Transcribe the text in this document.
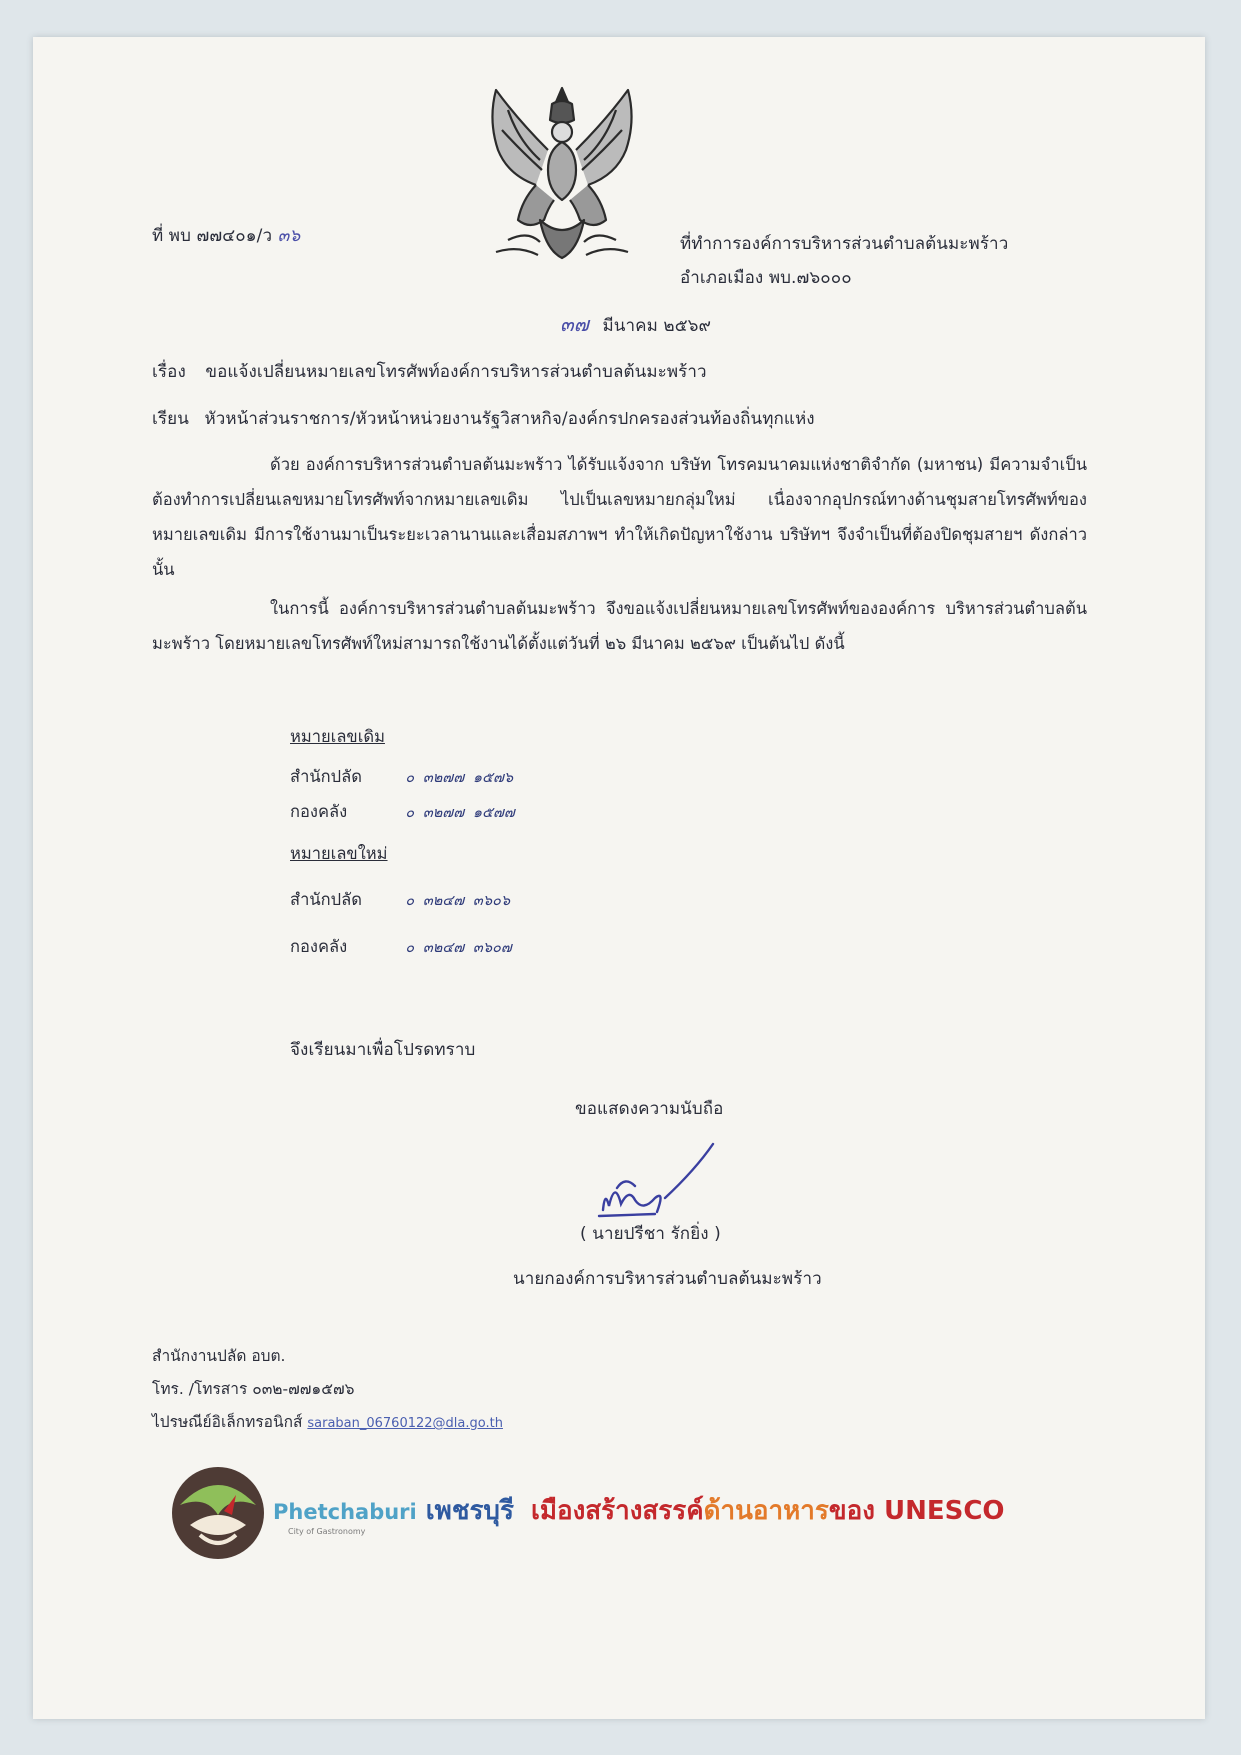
ที่ พบ ๗๗๔๐๑/ว ๓๖	ที่ทำการองค์การบริหารส่วนตำบลต้นมะพร้าว
อำเภอเมือง พบ.๗๖๐๐๐
๓๗ มีนาคม ๒๕๖๙
เรื่อง ขอแจ้งเปลี่ยนหมายเลขโทรศัพท์องค์การบริหารส่วนตำบลต้นมะพร้าว
เรียน หัวหน้าส่วนราชการ/หัวหน้าหน่วยงานรัฐวิสาหกิจ/องค์กรปกครองส่วนท้องถิ่นทุกแห่ง
ด้วย องค์การบริหารส่วนตำบลต้นมะพร้าว ได้รับแจ้งจาก บริษัท โทรคมนาคมแห่งชาติจำกัด (มหาชน) มีความจำเป็นต้องทำการเปลี่ยนเลขหมายโทรศัพท์จากหมายเลขเดิม ไปเป็นเลขหมายกลุ่มใหม่ เนื่องจากอุปกรณ์ทางด้านชุมสายโทรศัพท์ของหมายเลขเดิม มีการใช้งานมาเป็นระยะเวลานานและเสื่อมสภาพฯ ทำให้เกิดปัญหาใช้งาน บริษัทฯ จึงจำเป็นที่ต้องปิดชุมสายฯ ดังกล่าว นั้น
ในการนี้ องค์การบริหารส่วนตำบลต้นมะพร้าว จึงขอแจ้งเปลี่ยนหมายเลขโทรศัพท์ขององค์การ บริหารส่วนตำบลต้นมะพร้าว โดยหมายเลขโทรศัพท์ใหม่สามารถใช้งานได้ตั้งแต่วันที่ ๒๖ มีนาคม ๒๕๖๙ เป็นต้นไป ดังนี้
หมายเลขเดิม
สำนักปลัด	๐ ๓๒๗๗ ๑๕๗๖
กองคลัง	๐ ๓๒๗๗ ๑๕๗๗
หมายเลขใหม่
สำนักปลัด	๐ ๓๒๔๗ ๓๖๐๖
กองคลัง	๐ ๓๒๔๗ ๓๖๐๗
จึงเรียนมาเพื่อโปรดทราบ
ขอแสดงความนับถือ
( นายปรีชา รักยิ่ง )
นายกองค์การบริหารส่วนตำบลต้นมะพร้าว
สำนักงานปลัด อบต.
โทร. /โทรสาร ๐๓๒-๗๗๑๕๗๖
ไปรษณีย์อิเล็กทรอนิกส์ saraban_06760122@dla.go.th
Phetchaburi เพชรบุรี เมืองสร้างสรรค์ด้านอาหารของ UNESCO
City of Gastronomy
